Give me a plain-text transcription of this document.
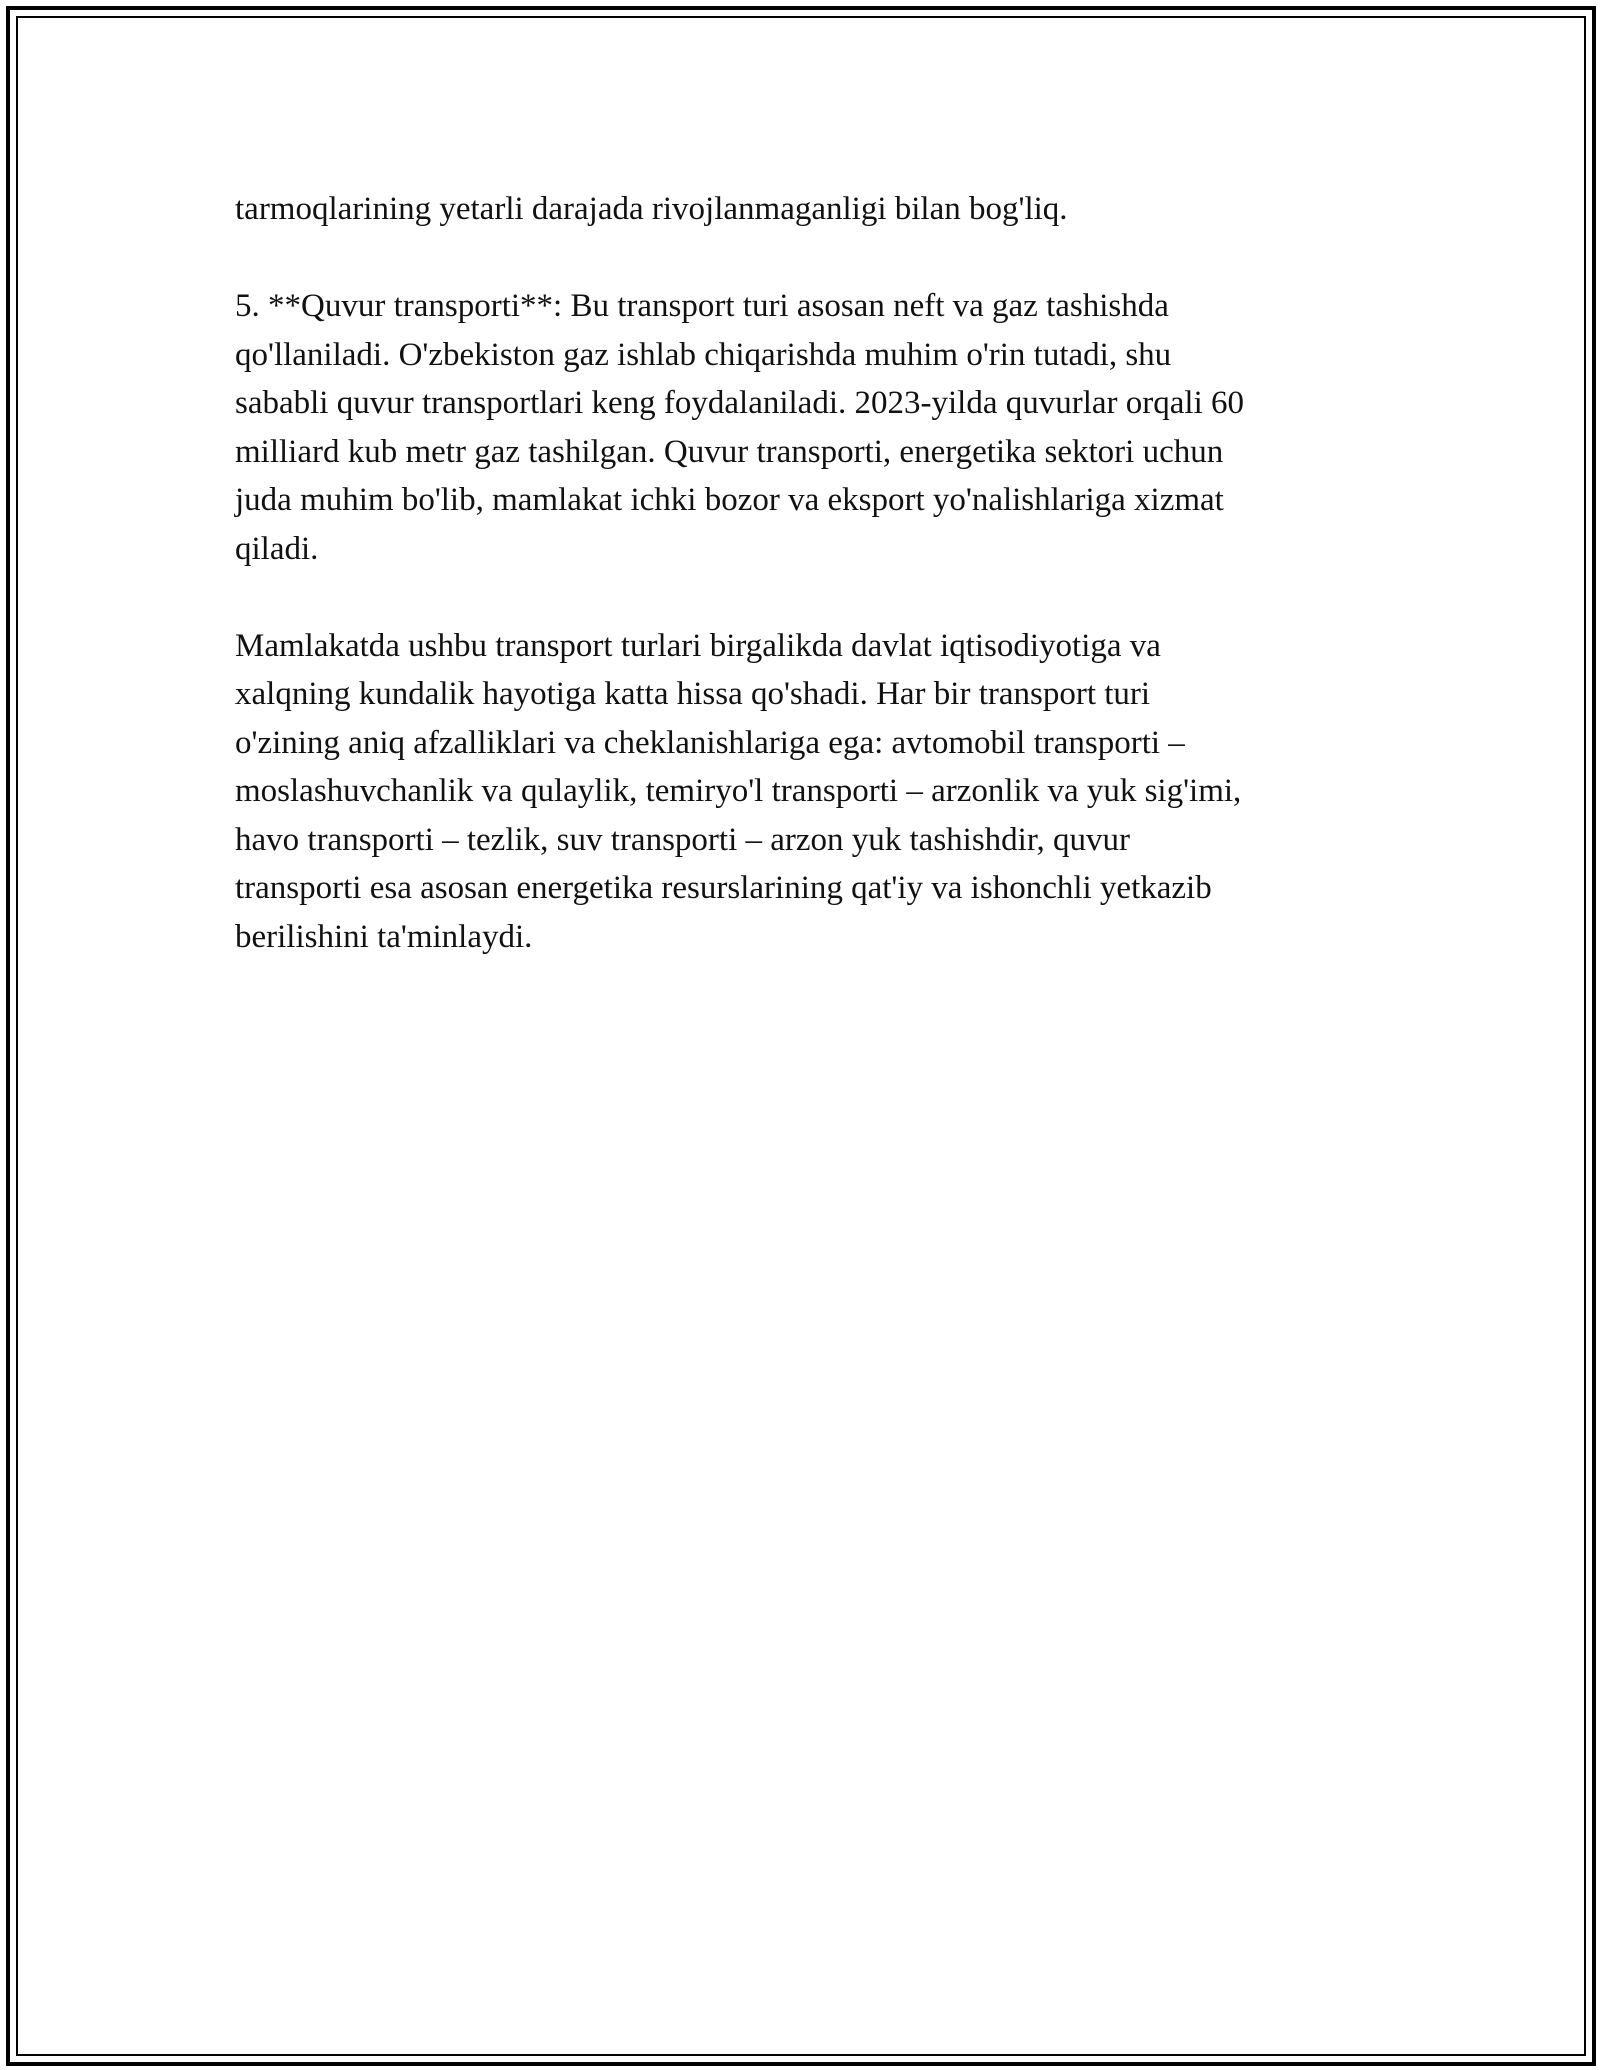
tarmoqlarining yetarli darajada rivojlanmaganligi bilan bog'liq.

5. **Quvur transporti**: Bu transport turi asosan neft va gaz tashishda
qo'llaniladi. O'zbekiston gaz ishlab chiqarishda muhim o'rin tutadi, shu
sababli quvur transportlari keng foydalaniladi. 2023-yilda quvurlar orqali 60
milliard kub metr gaz tashilgan. Quvur transporti, energetika sektori uchun
juda muhim bo'lib, mamlakat ichki bozor va eksport yo'nalishlariga xizmat
qiladi.

Mamlakatda ushbu transport turlari birgalikda davlat iqtisodiyotiga va
xalqning kundalik hayotiga katta hissa qo'shadi. Har bir transport turi
o'zining aniq afzalliklari va cheklanishlariga ega: avtomobil transporti –
moslashuvchanlik va qulaylik, temiryo'l transporti – arzonlik va yuk sig'imi,
havo transporti – tezlik, suv transporti – arzon yuk tashishdir, quvur
transporti esa asosan energetika resurslarining qat'iy va ishonchli yetkazib
berilishini ta'minlaydi.
